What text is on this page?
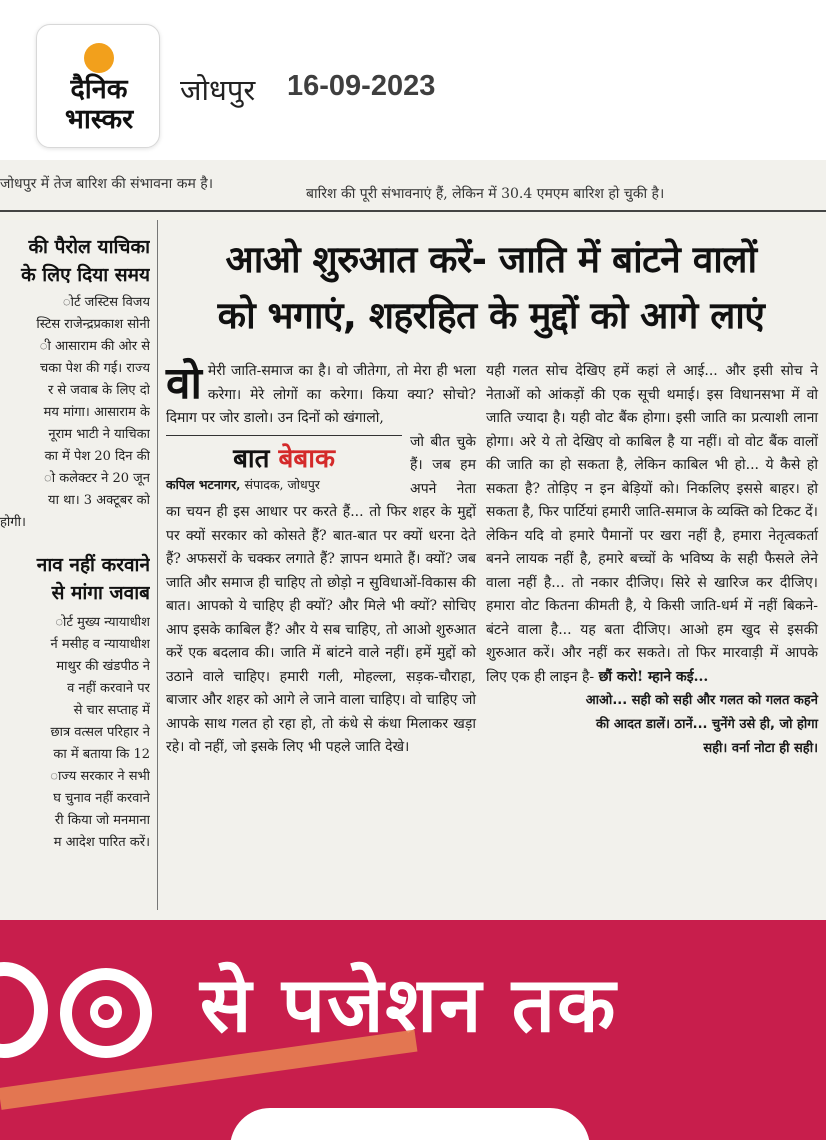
दैनिक
भास्कर
जोधपुर 16-09-2023
जोधपुर में तेज बारिश की संभावना कम है।
बारिश की पूरी संभावनाएं हैं, लेकिन में 30.4 एमएम बारिश हो चुकी है।
की पैरोल याचिका
के लिए दिया समय
ोर्ट जस्टिस विजय
स्टिस राजेन्द्रप्रकाश सोनी
ी आसाराम की ओर से
चका पेश की गई। राज्य
र से जवाब के लिए दो
मय मांगा। आसाराम के
नूराम भाटी ने याचिका
का में पेश 20 दिन की
ो कलेक्टर ने 20 जून
या था। 3 अक्टूबर को
होगी।
नाव नहीं करवाने
से मांगा जवाब
ोर्ट मुख्य न्यायाधीश
र्न मसीह व न्यायाधीश
माथुर की खंडपीठ ने
व नहीं करवाने पर
से चार सप्ताह में
छात्र वत्सल परिहार ने
का में बताया कि 12
ाज्य सरकार ने सभी
घ चुनाव नहीं करवाने
री किया जो मनमाना
म आदेश पारित करें।
आओ शुरुआत करें- जाति में बांटने वालों
को भगाएं, शहरहित के मुद्दों को आगे लाएं
वो मेरी जाति-समाज का है। वो जीतेगा, तो मेरा ही भला करेगा। मेरे लोगों का करेगा। किया क्या? सोचो? दिमाग पर जोर डालो। उन दिनों को खंगालो,

बात बेबाक
कपिल भटनागर, संपादक, जोधपुर

जो बीत चुके हैं। जब हम अपने नेता का चयन ही इस आधार पर करते हैं... तो फिर शहर के मुद्दों पर क्यों सरकार को कोसते हैं? बात-बात पर क्यों धरना देते हैं? अफसरों के चक्कर लगाते हैं? ज्ञापन थमाते हैं। क्यों? जब जाति और समाज ही चाहिए तो छोड़ो न सुविधाओं-विकास की बात। आपको ये चाहिए ही क्यों? और मिले भी क्यों? सोचिए आप इसके काबिल हैं? और ये सब चाहिए, तो आओ शुरुआत करें एक बदलाव की। जाति में बांटने वाले नहीं। हमें मुद्दों को उठाने वाले चाहिए। हमारी गली, मोहल्ला, सड़क-चौराहा, बाजार और शहर को आगे ले जाने वाला चाहिए। वो चाहिए जो आपके साथ गलत हो रहा हो, तो कंधे से कंधा मिलाकर खड़ा रहे। वो नहीं, जो इसके लिए भी पहले जाति देखे।

यही गलत सोच देखिए हमें कहां ले आई... और इसी सोच ने नेताओं को आंकड़ों की एक सूची थमाई। इस विधानसभा में वो जाति ज्यादा है। यही वोट बैंक होगा। इसी जाति का प्रत्याशी लाना होगा। अरे ये तो देखिए वो काबिल है या नहीं। वो वोट बैंक वालों की जाति का हो सकता है, लेकिन काबिल भी हो... ये कैसे हो सकता है? तोड़िए न इन बेड़ियों को। निकलिए इससे बाहर। हो सकता है, फिर पार्टियां हमारी जाति-समाज के व्यक्ति को टिकट दें। लेकिन यदि वो हमारे पैमानों पर खरा नहीं है, हमारा नेतृत्वकर्ता बनने लायक नहीं है, हमारे बच्चों के भविष्य के सही फैसले लेने वाला नहीं है... तो नकार दीजिए। सिरे से खारिज कर दीजिए। हमारा वोट कितना कीमती है, ये किसी जाति-धर्म में नहीं बिकने-बंटने वाला है... यह बता दीजिए। आओ हम खुद से इसकी शुरुआत करें। और नहीं कर सकते। तो फिर मारवाड़ी में आपके लिए एक ही लाइन है- छौं करो! म्हाने कई...

आओ... सही को सही और गलत को गलत कहने
की आदत डालें। ठानें... चुनेंगे उसे ही, जो होगा
सही। वर्ना नोटा ही सही।
से पजेशन तक
